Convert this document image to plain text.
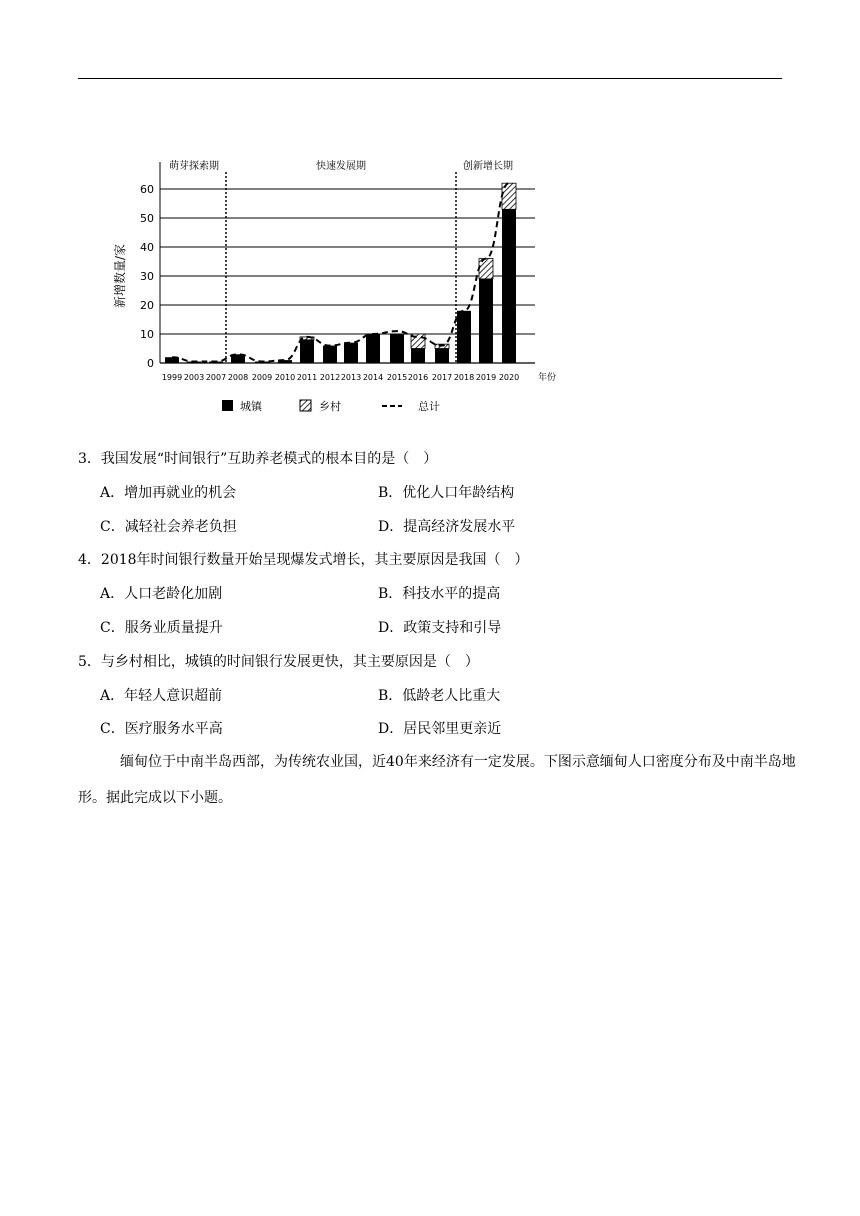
萌芽探索期	快速发展期	创新增长期
0
10
20
30
40
50
60
1999 2003 2007 2008 2009 2010 2011 2012 2013 2014 2015 2016 2017 2018 2019 2020 年份
新增数量/家
城镇	乡村	总计
3．我国发展“时间银行”互助养老模式的根本目的是（　）
A．增加再就业的机会	B．优化人口年龄结构
C．减轻社会养老负担	D．提高经济发展水平
4．2018年时间银行数量开始呈现爆发式增长，其主要原因是我国（　）
A．人口老龄化加剧	B．科技水平的提高
C．服务业质量提升	D．政策支持和引导
5．与乡村相比，城镇的时间银行发展更快，其主要原因是（　）
A．年轻人意识超前	B．低龄老人比重大
C．医疗服务水平高	D．居民邻里更亲近
缅甸位于中南半岛西部，为传统农业国，近40年来经济有一定发展。下图示意缅甸人口密度分布及中南半岛地形。据此完成以下小题。
